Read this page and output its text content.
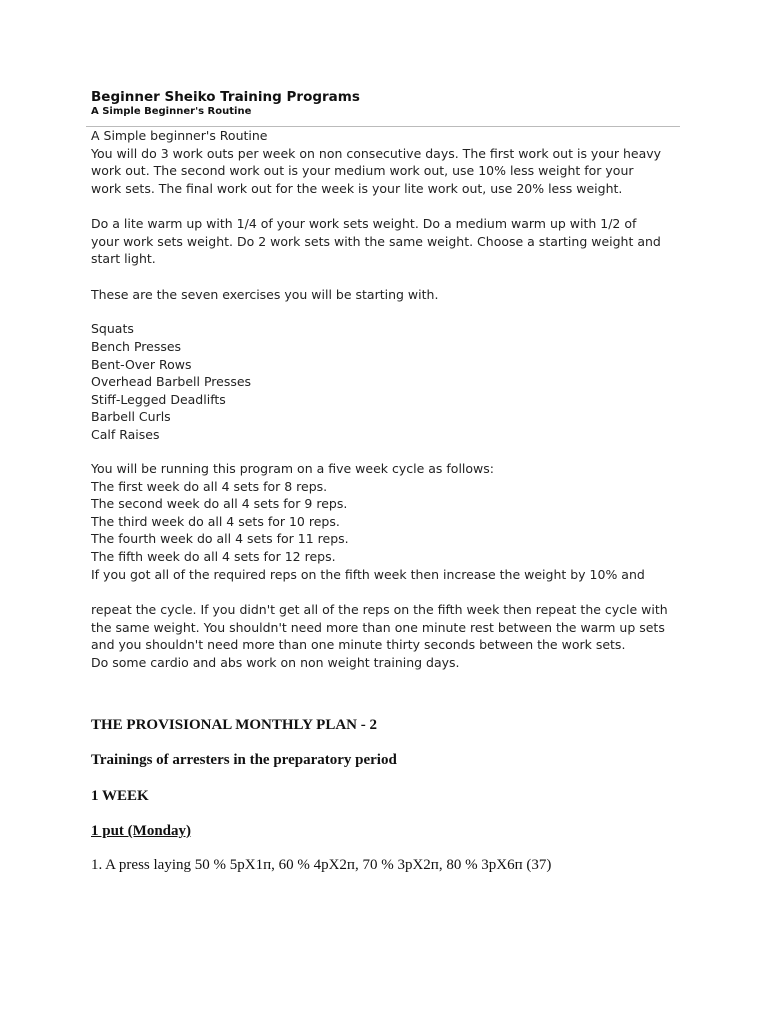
Beginner Sheiko Training Programs
A Simple Beginner's Routine
A Simple beginner's Routine
You will do 3 work outs per week on non consecutive days. The first work out is your heavy
work out. The second work out is your medium work out, use 10% less weight for your
work sets. The final work out for the week is your lite work out, use 20% less weight.
Do a lite warm up with 1/4 of your work sets weight. Do a medium warm up with 1/2 of
your work sets weight. Do 2 work sets with the same weight. Choose a starting weight and
start light.
These are the seven exercises you will be starting with.
Squats
Bench Presses
Bent-Over Rows
Overhead Barbell Presses
Stiff-Legged Deadlifts
Barbell Curls
Calf Raises
You will be running this program on a five week cycle as follows:
The first week do all 4 sets for 8 reps.
The second week do all 4 sets for 9 reps.
The third week do all 4 sets for 10 reps.
The fourth week do all 4 sets for 11 reps.
The fifth week do all 4 sets for 12 reps.
If you got all of the required reps on the fifth week then increase the weight by 10% and
repeat the cycle. If you didn't get all of the reps on the fifth week then repeat the cycle with
the same weight. You shouldn't need more than one minute rest between the warm up sets
and you shouldn't need more than one minute thirty seconds between the work sets.
Do some cardio and abs work on non weight training days.
THE PROVISIONAL MONTHLY PLAN - 2
Trainings of arresters in the preparatory period
1 WEEK
1 put (Monday)
1. A press laying 50 % 5pX1п, 60 % 4pX2п, 70 % 3pX2п, 80 % 3pX6п (37)
